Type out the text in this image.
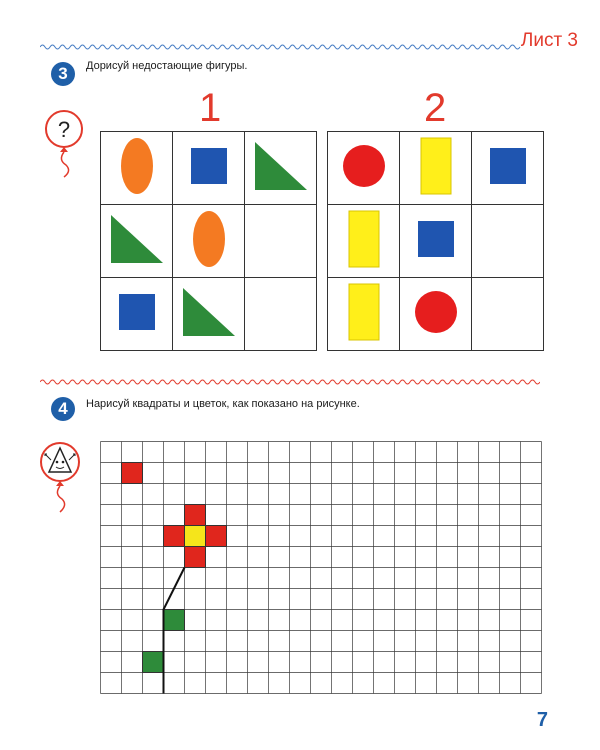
Лист 3
3	Дорисуй недостающие фигуры.
?	1	2

4	Нарисуй квадраты и цветок, как показано на рисунке.
7
